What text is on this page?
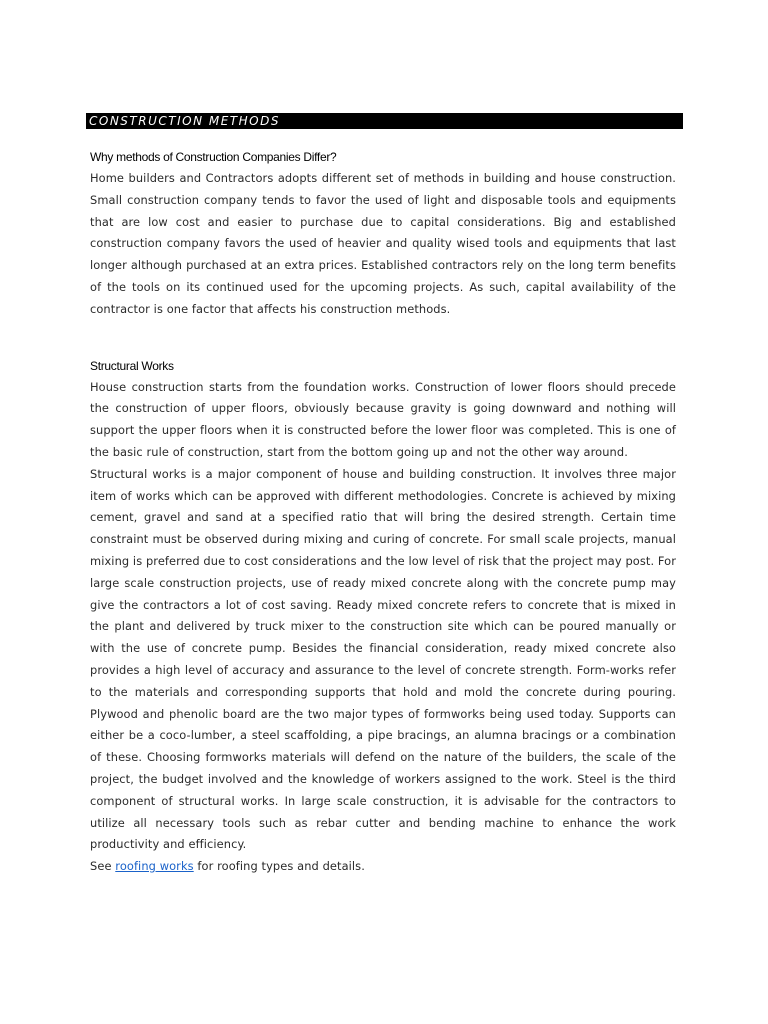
CONSTRUCTION METHODS
Why methods of Construction Companies Differ?

Home builders and Contractors adopts different set of methods in building and house construction. Small construction company tends to favor the used of light and disposable tools and equipments that are low cost and easier to purchase due to capital considerations. Big and established construction company favors the used of heavier and quality wised tools and equipments that last longer although purchased at an extra prices. Established contractors rely on the long term benefits of the tools on its continued used for the upcoming projects. As such, capital availability of the contractor is one factor that affects his construction methods.

Structural Works

House construction starts from the foundation works. Construction of lower floors should precede the construction of upper floors, obviously because gravity is going downward and nothing will support the upper floors when it is constructed before the lower floor was completed. This is one of the basic rule of construction, start from the bottom going up and not the other way around.

Structural works is a major component of house and building construction. It involves three major item of works which can be approved with different methodologies. Concrete is achieved by mixing cement, gravel and sand at a specified ratio that will bring the desired strength. Certain time constraint must be observed during mixing and curing of concrete. For small scale projects, manual mixing is preferred due to cost considerations and the low level of risk that the project may post. For large scale construction projects, use of ready mixed concrete along with the concrete pump may give the contractors a lot of cost saving. Ready mixed concrete refers to concrete that is mixed in the plant and delivered by truck mixer to the construction site which can be poured manually or with the use of concrete pump. Besides the financial consideration, ready mixed concrete also provides a high level of accuracy and assurance to the level of concrete strength. Form-works refer to the materials and corresponding supports that hold and mold the concrete during pouring. Plywood and phenolic board are the two major types of formworks being used today. Supports can either be a coco-lumber, a steel scaffolding, a pipe bracings, an alumna bracings or a combination of these. Choosing formworks materials will defend on the nature of the builders, the scale of the project, the budget involved and the knowledge of workers assigned to the work. Steel is the third component of structural works. In large scale construction, it is advisable for the contractors to utilize all necessary tools such as rebar cutter and bending machine to enhance the work productivity and efficiency.

See roofing works for roofing types and details.
